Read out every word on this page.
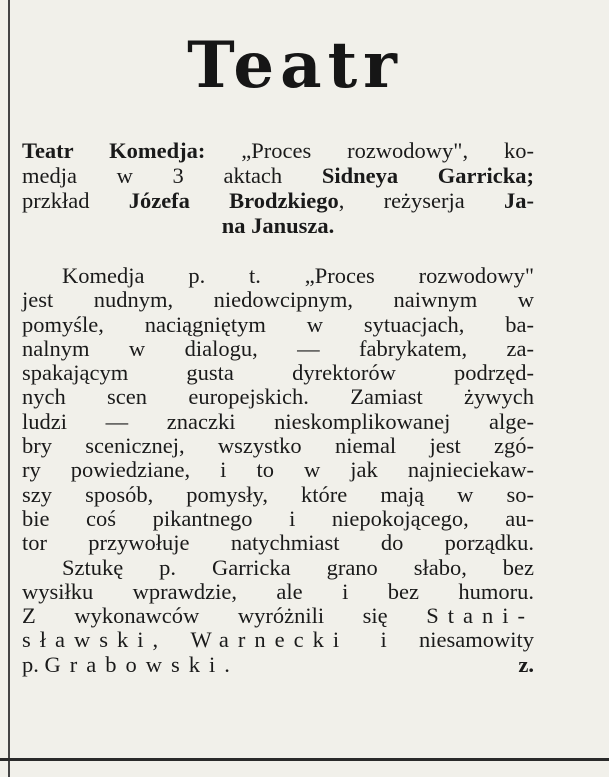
Teatr
Teatr Komedja: „Proces rozwodowy", ko-
medja w 3 aktach Sidneya Garricka;
przkład Józefa Brodzkiego, reżyserja Ja-
na Janusza.
Komedja p. t. „Proces rozwodowy"
jest nudnym, niedowcipnym, naiwnym w
pomyśle, naciągniętym w sytuacjach, ba-
nalnym w dialogu, — fabrykatem, za-
spakającym gusta dyrektorów podrzęd-
nych scen europejskich. Zamiast żywych
ludzi — znaczki nieskomplikowanej alge-
bry scenicznej, wszystko niemal jest zgó-
ry powiedziane, i to w jak najnieciekaw-
szy sposób, pomysły, które mają w so-
bie coś pikantnego i niepokojącego, au-
tor przywołuje natychmiast do porządku.
Sztukę p. Garricka grano słabo, bez
wysiłku wprawdzie, ale i bez humoru.
Z wykonawców wyróżnili się Stani-
sławski, Warnecki i niesamowity
p. Grabowski.	z.
